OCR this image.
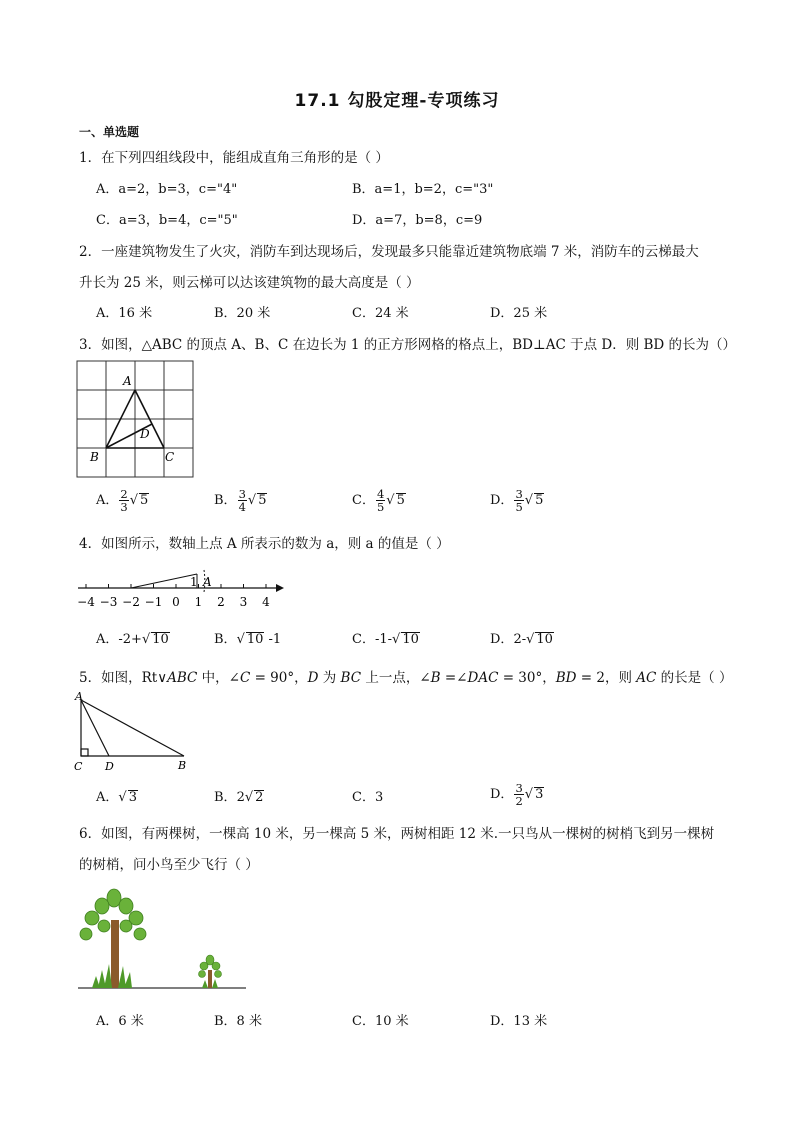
17.1 勾股定理-专项练习
一、单选题
1．在下列四组线段中，能组成直角三角形的是（ ）
A．a=2，b=3，c="4"	B．a=1，b=2，c="3"
C．a=3，b=4，c="5"	D．a=7，b=8，c=9
2．一座建筑物发生了火灾，消防车到达现场后，发现最多只能靠近建筑物底端 7 米，消防车的云梯最大
升长为 25 米，则云梯可以达该建筑物的最大高度是（ ）
A．16 米	B．20 米	C．24 米	D．25 米
3．如图，△ABC 的顶点 A、B、C 在边长为 1 的正方形网格的格点上，BD⊥AC 于点 D．则 BD 的长为（）
A
B	C
D
A． $\frac{2}{3}$ √ 5	B． $\frac{3}{4}$ √ 5	C． $\frac{4}{5}$ √ 5	D． $\frac{3}{5}$ √ 5
4．如图所示，数轴上点 A 所表示的数为 a，则 a 的值是（ ）
1 A
−4 −3 −2 −1 0 1 2 3 4
A．-2+√ 10	B．√ 10 -1	C．-1-√ 10	D．2-√ 10
5．如图，Rt∨ABC 中，∠C = 90°，D 为 BC 上一点，∠B =∠DAC = 30°，BD = 2，则 AC 的长是（ ）
A
C D	B
A．√ 3	B．2√ 2	C．3	D． $\frac{3}{2}$ √ 3
6．如图，有两棵树，一棵高 10 米，另一棵高 5 米，两树相距 12 米.一只鸟从一棵树的树梢飞到另一棵树
的树梢，问小鸟至少飞行（ ）
A．6 米	B．8 米	C．10 米	D．13 米
